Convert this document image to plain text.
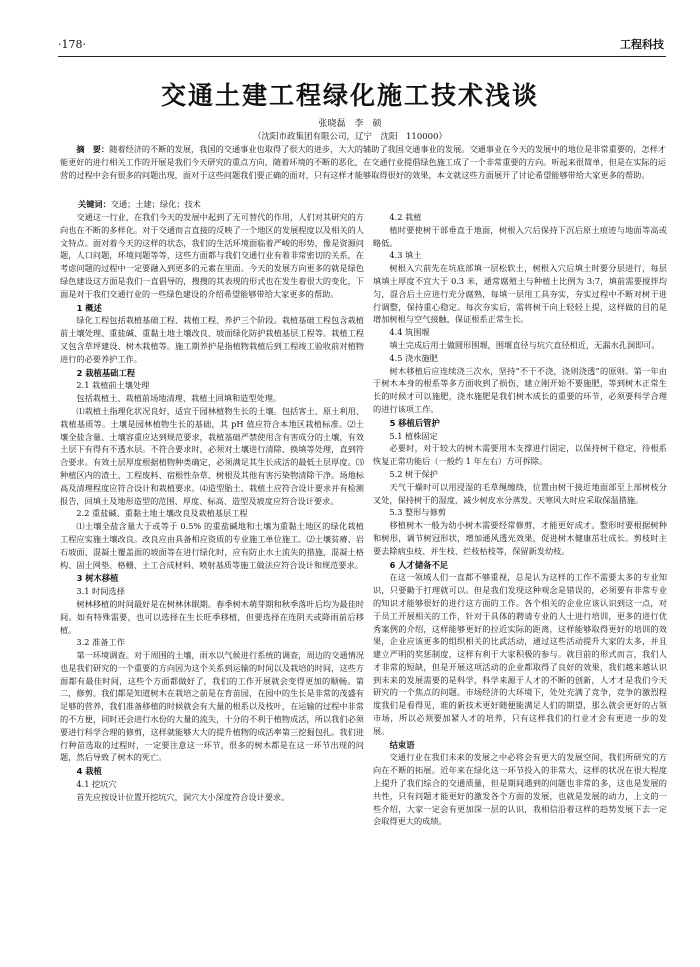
·178·	工程科技
交通土建工程绿化施工技术浅谈
张晓磊　李　硕
（沈阳市政集团有限公司，辽宁　沈阳　110000）
  摘　要：随着经济的不断的发展，我国的交通事业也取得了很大的进步，大大的辅助了我国交通事业的发展。交通事业在今天的发展中的地位是非常重要的，怎样才能更好的进行相关工作的开展是我们今天研究的重点方向，随着环境的不断的恶化，在交通行业提倡绿色施工成了一个非常重要的方向。听起来很简单，但是在实际的运营的过程中会有很多的问题出现，面对于这些问题我们要正确的面对，只有这样才能够取得很好的效果，本文就这些方面展开了讨论希望能够带给大家更多的帮助。
关键词：交通；土建；绿化；技术

交通这一行业，在我们今天的发展中起到了无可替代的作用，人们对其研究的方向也在不断的多样化。对于交通而言直接的反映了一个地区的发展程度以及相关的人文特点。面对着今天的这样的状态，我们的生活环境面临着严峻的形势，像是资源问题，人口问题，环境问题等等，这些方面都与我们交通行业有着非常密切的关系，在考虑问题的过程中一定要融入到更多的元素在里面。今天的发展方向更多的就是绿色绿色建设这方面是我们一直倡导的，搜搜的其表现的形式也在发生着很大的变化，下面是对于我们交通行业的一些绿色建设的介绍希望能够带给大家更多的帮助。

1 概述

绿化工程包括栽植基础工程、栽植工程、养护三个阶段。栽植基础工程包含栽植前土壤处理、重盐碱、重黏土地土壤改良、坡面绿化防护栽植基层工程等。栽植工程又包含草坪建设、树木栽植等。施工期养护是指植物栽植后到工程竣工验收前对植物进行的必要养护工作。

2 栽植基础工程
2.1 栽植前土壤处理

包括栽植土、栽植前场地清理、栽植土回填和造型处理。

⑴栽植土指理化状况良好，适宜于园林植物生长的土壤。包括客土、原土利用、栽植基质等。土壤是园林植物生长的基础，其 pH 值应符合本地区栽植标准。⑵土壤全盐含量、土壤容重应达到规范要求，栽植基础严禁使用含有害成分的土壤，有效土层下有得有不透水层。不符合要求时，必须对土壤进行清除、换填等处理，直到符合要求。有效土层厚度根据植物种类确定，必须满足其生长成活的最低土层厚度。⑶种植区内的渣土、工程废料、宿根性杂草、树根及其他有害污染物清除干净。场地标高及清理程度应符合设计和栽植要求。⑷造型胎土、栽植土应符合设计要求并有检测报告，回填土及地形造型的范围、厚度、标高、造型及坡度应符合设计要求。

2.2 重盐碱、重黏土地土壤改良及栽植基层工程

⑴土壤全盐含量大于或等于 0.5% 的重盐碱地和土壤为重黏土地区的绿化栽植工程应实施土壤改良。改良应由具备相应资质的专业施工单位施工。⑵土壤贫瘠、岩石坡面、混凝土覆盖面的坡面等在进行绿化时，应有防止水土流失的措施，混凝土格构、固土网垫、格栅、土工合成材料、喷射基质等施工做法应符合设计和规范要求。

3 树木移植
3.1 时间选择

树林移植的时间最好是在树林休眠期。春季树木萌芽期和秋季落叶后均为最佳时间。如有特殊需要，也可以选择在生长旺季移植，但要选择在连阴天或降雨前后移植。

3.2 准备工作

第一环境调查。对于周围的土壤，雨水以气候进行系统的调查，周边的交通情况也是我们研究的一个重要的方向因为这个关系到运输的时间以及栽培的时间，这些方面都有最佳时间，这些个方面都做好了，我们的工作开展就会变得更加的顺畅。第二，修剪。我们都是知道树木在栽培之前是在育苗园，在园中的生长是非常的茂盛有足够的营养，我们准备移植的时候就会有大量的根系以及枝叶，在运输的过程中非常的不方便，同时还会进行水份的大量的流失，十分的不利于植物成活，所以我们必须要进行科学合理的修剪，这样就能够大大的提升植物的成活率第三挖掘包扎。我们进行种苗选取的过程时，一定要注意这一环节，很多的树木都是在这一环节出现的问题，然后导致了树木的死亡。

4 栽植
4.1 挖坑穴

首先应按设计位置开挖坑穴，洞穴大小深度符合设计要求。

4.2 栽植

植时要使树干部垂直于地面，树根入穴后保持下沉后原土痕迹与地面等高或略低。

4.3 填土

树根入穴前先在坑底部填一层松软土，树根入穴后填土时要分层进行，每层填填土厚度不宜大于 0.3 米，通常腐殖土与种植土比例为 3:7，填前需要搅拌均匀，混合后土应进行充分腐熟，每填一层用工具夯实，夯实过程中不断对树干进行调整，保持重心稳定。每次夯实后，需将树干向上轻轻上提，这样做的目的是增加树根与空气接触，保证根系正常生长。

4.4 筑围堰

填土完成后用土做圆形围堰，围堰直径与坑穴直径相近，无漏水孔洞即可。

4.5 浇水施肥

树木移植后应连续浇三次水，坚持“不干不浇，浇则浇透”的原则。第一年由于树木本身的根系等多方面收到了损伤，建立刚开始不要施肥，等到树木正常生长的时候才可以施肥，浇水施肥是我们树木成长的重要的环节，必须要科学合理的进行该项工作。

5 移植后管护
5.1 植株固定

必要时，对于较大的树木需要用木支撑进行固定，以保持树干稳定，待根系恢复正常功能后（一般约 1 年左右）方可拆除。

5.2 树干保护

天气干燥时可以用浸湿的毛草绳缠绕，位置由树干接近地面部至上部树枝分叉处，保持树干的湿度，减少树皮水分蒸发。天寒风大时应采取保温措施。

5.3 整形与修剪

移植树木一般为幼小树木需要经常修剪，才能更好成才。整形时要根据树种和树形，调节树冠形状，增加通风透光效果，促进树木健康茁壮成长。剪枝时主要去除病虫枝、并生枝、烂枝枯枝等，保留新发幼枝。

6 人才储备不足

在这一领域人们一直都不够重视，总是认为这样的工作不需要太多的专业知识，只要勤于打理就可以。但是我们发现这种观念是错误的，必须要有非常专业的知识才能够很好的进行这方面的工作。各个相关的企业应该认识到这一点，对于员工开展相关的工作，针对于具体的聘请专业的人士进行培训，更多的进行优秀案例的介绍，这样能够更好的拉近实际的距离，这样能够取得更好的培训的效果，企业应该更多的组织相关的比武活动，通过这些活动提升大家的太多，并且建立严明的奖惩制度，这样有利于大家积极的参与。就目前的形式而言，我们人才非常的短缺，但是开展这项活动的企业都取得了良好的效果，我们越来越认识到未来的发展需要的是科学，科学来源于人才的不断的创新，人才才是我们今天研究的一个焦点的问题。市场经济的大环境下，处处充满了竞争，竞争的激烈程度我们是看得见，谁的新技术更好随便能满足人们的期望，那么就会更好的占领市场，所以必须要加紧人才的培养，只有这样我们的行业才会有更进一步的发展。

结束语

交通行业在我们未来的发展之中必将会有更大的发展空间，我们所研究的方向在不断的拓展。近年来在绿化这一环节投入的非常大，这样的状况在很大程度上提升了我们综合的交通质量，但是期间遇到的问题也非常的多，这也是发展的共性，只有问题才能更好的激发各个方面的发展，也就是发展的动力，上文的一些介绍，大家一定会有更加深一层的认识，我相信沿着这样的趋势发展下去一定会取得更大的成绩。
